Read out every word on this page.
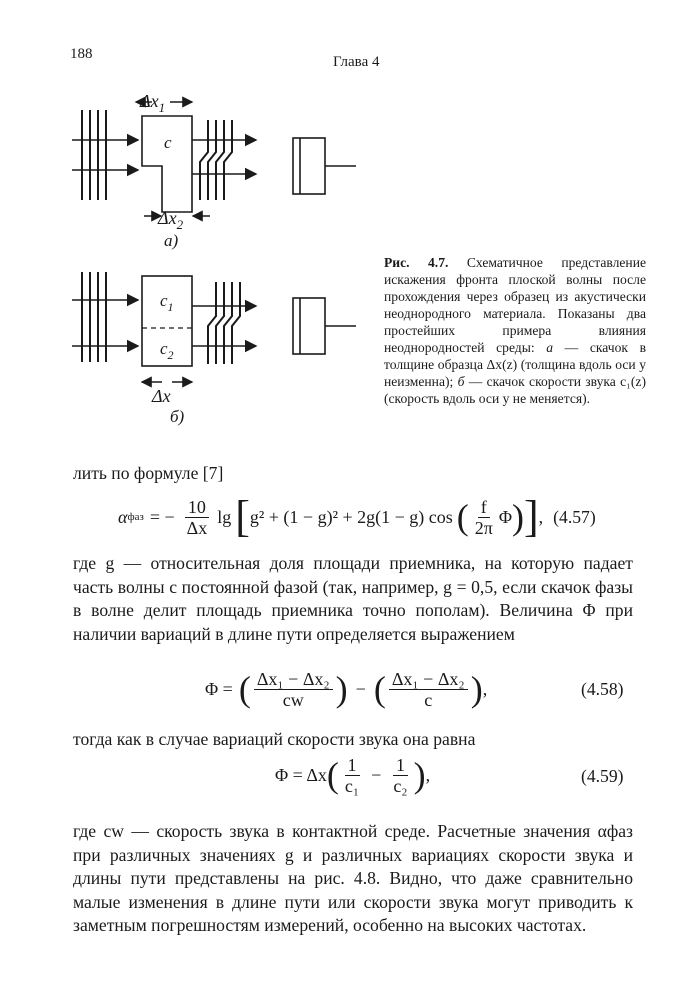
188	Глава 4
$\Delta x_1$
c
$\Delta x_2$
а)
$c_1$
$c_2$
Δx
б)
Рис. 4.7. Схематичное представление искажения фронта плоской волны после прохождения через образец из акустически неоднородного материала. Показаны два простейших примера влияния неоднородностей среды: а — скачок в толщине образца Δx(z) (толщина вдоль оси y неизменна); б — скачок скорости звука c₁(z) (скорость вдоль оси y не меняется).
лить по формуле [7]
α фаз = − $\frac{10}{\Delta x}$ lg [ g² + (1 − g)² + 2g(1 − g) cos ( $\frac{f}{2\pi}$ Φ ) ] , (4.57)
где g — относительная доля площади приемника, на которую падает часть волны с постоянной фазой (так, например, g = 0,5, если скачок фазы в волне делит площадь приемника точно пополам). Величина Φ при наличии вариаций в длине пути определяется выражением
Φ = ( $\frac{\text{Δx₁ − Δx₂}}{cw}$ ) − ( $\frac{\text{Δx₁ − Δx₂}}{c}$ ) ,	(4.58)
тогда как в случае вариаций скорости звука она равна
Φ = Δx ( $\frac{1}{\text{c₁}} - \frac{1}{\text{c₂}}$ ) ,	(4.59)
где cw — скорость звука в контактной среде. Расчетные значения αфаз при различных значениях g и различных вариациях скорости звука и длины пути представлены на рис. 4.8. Видно, что даже сравнительно малые изменения в длине пути или скорости звука могут приводить к заметным погрешностям измерений, особенно на высоких частотах.
